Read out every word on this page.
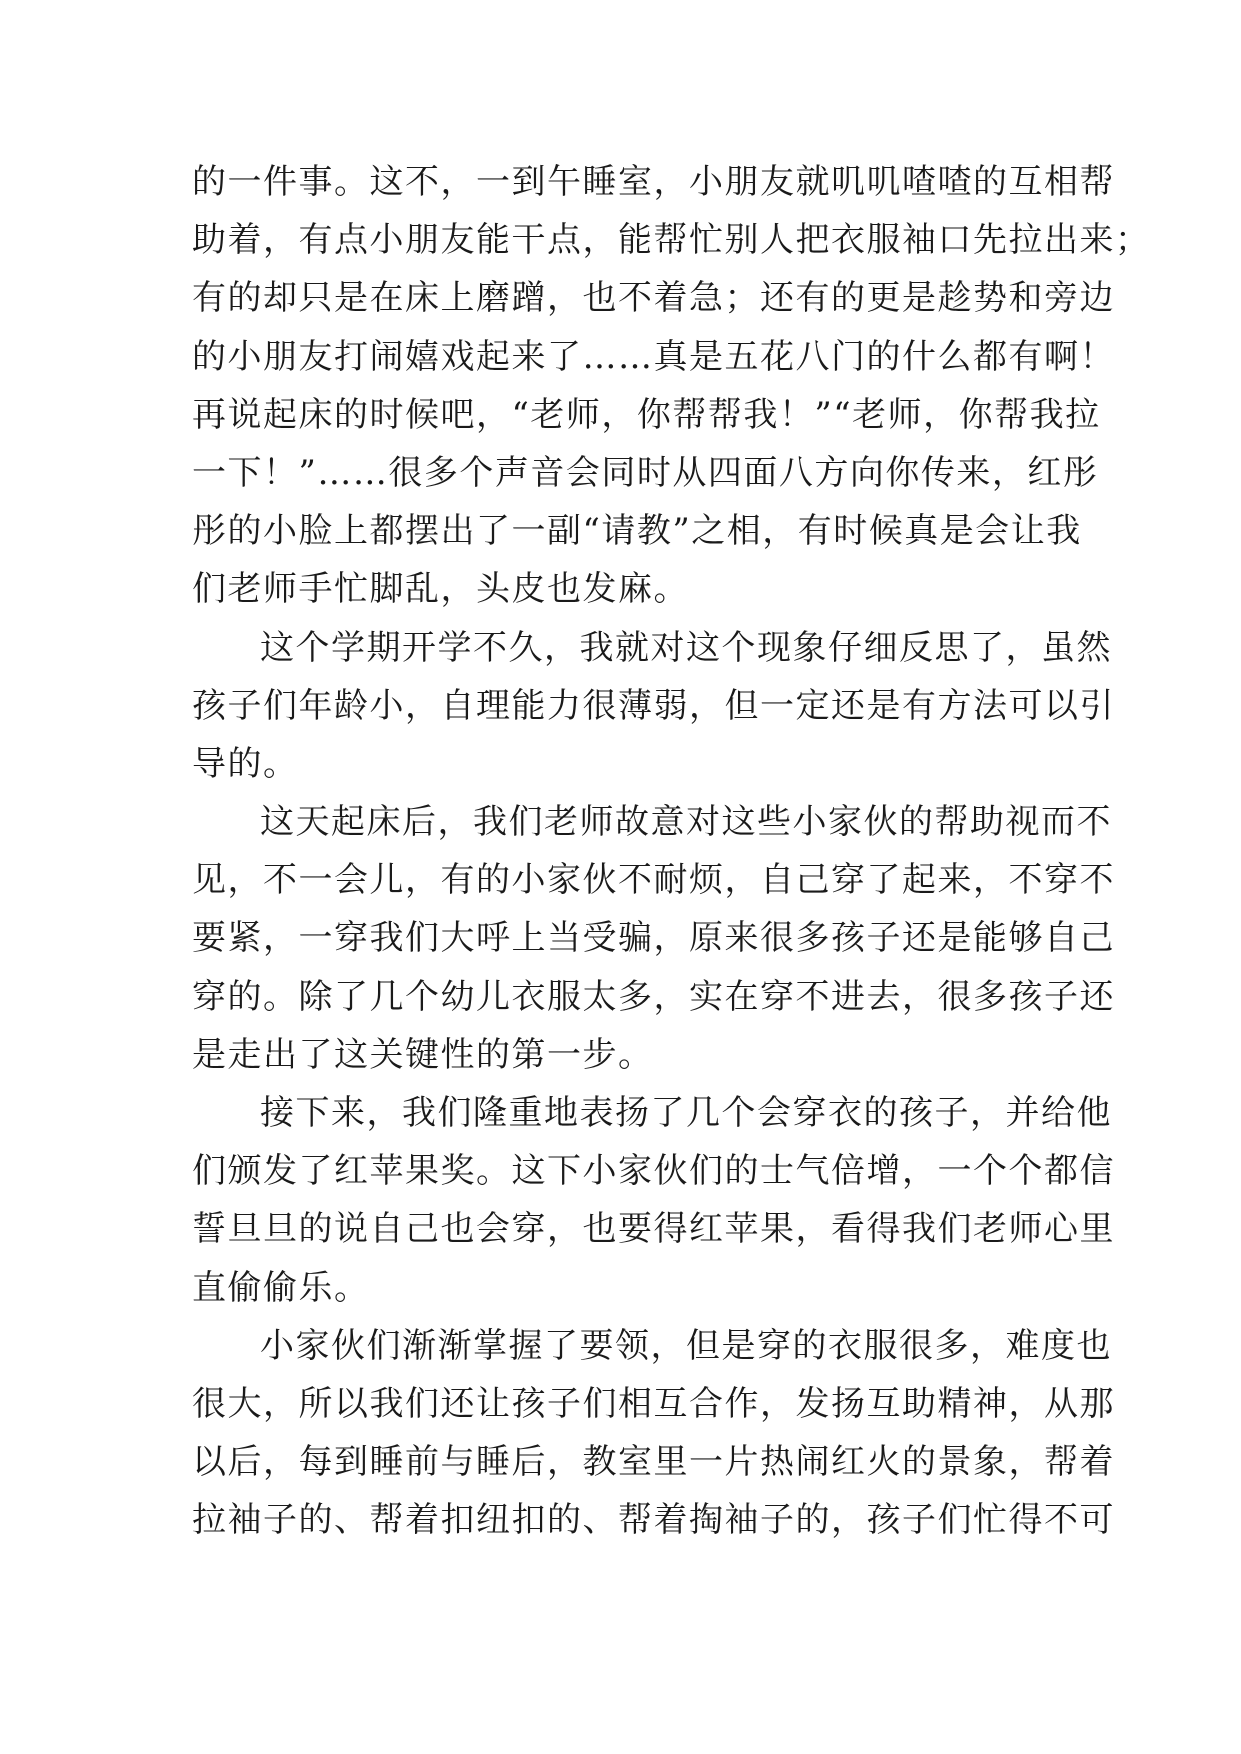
的一件事。这不，一到午睡室，小朋友就叽叽喳喳的互相帮
助着，有点小朋友能干点，能帮忙别人把衣服袖口先拉出来；
有的却只是在床上磨蹭，也不着急；还有的更是趁势和旁边
的小朋友打闹嬉戏起来了……真是五花八门的什么都有啊！
再说起床的时候吧，“老师，你帮帮我！”“老师，你帮我拉
一下！”……很多个声音会同时从四面八方向你传来，红彤
彤的小脸上都摆出了一副“请教”之相，有时候真是会让我
们老师手忙脚乱，头皮也发麻。
这个学期开学不久，我就对这个现象仔细反思了，虽然
孩子们年龄小，自理能力很薄弱，但一定还是有方法可以引
导的。
这天起床后，我们老师故意对这些小家伙的帮助视而不
见，不一会儿，有的小家伙不耐烦，自己穿了起来，不穿不
要紧，一穿我们大呼上当受骗，原来很多孩子还是能够自己
穿的。除了几个幼儿衣服太多，实在穿不进去，很多孩子还
是走出了这关键性的第一步。
接下来，我们隆重地表扬了几个会穿衣的孩子，并给他
们颁发了红苹果奖。这下小家伙们的士气倍增，一个个都信
誓旦旦的说自己也会穿，也要得红苹果，看得我们老师心里
直偷偷乐。
小家伙们渐渐掌握了要领，但是穿的衣服很多，难度也
很大，所以我们还让孩子们相互合作，发扬互助精神，从那
以后，每到睡前与睡后，教室里一片热闹红火的景象，帮着
拉袖子的、帮着扣纽扣的、帮着掏袖子的，孩子们忙得不可
